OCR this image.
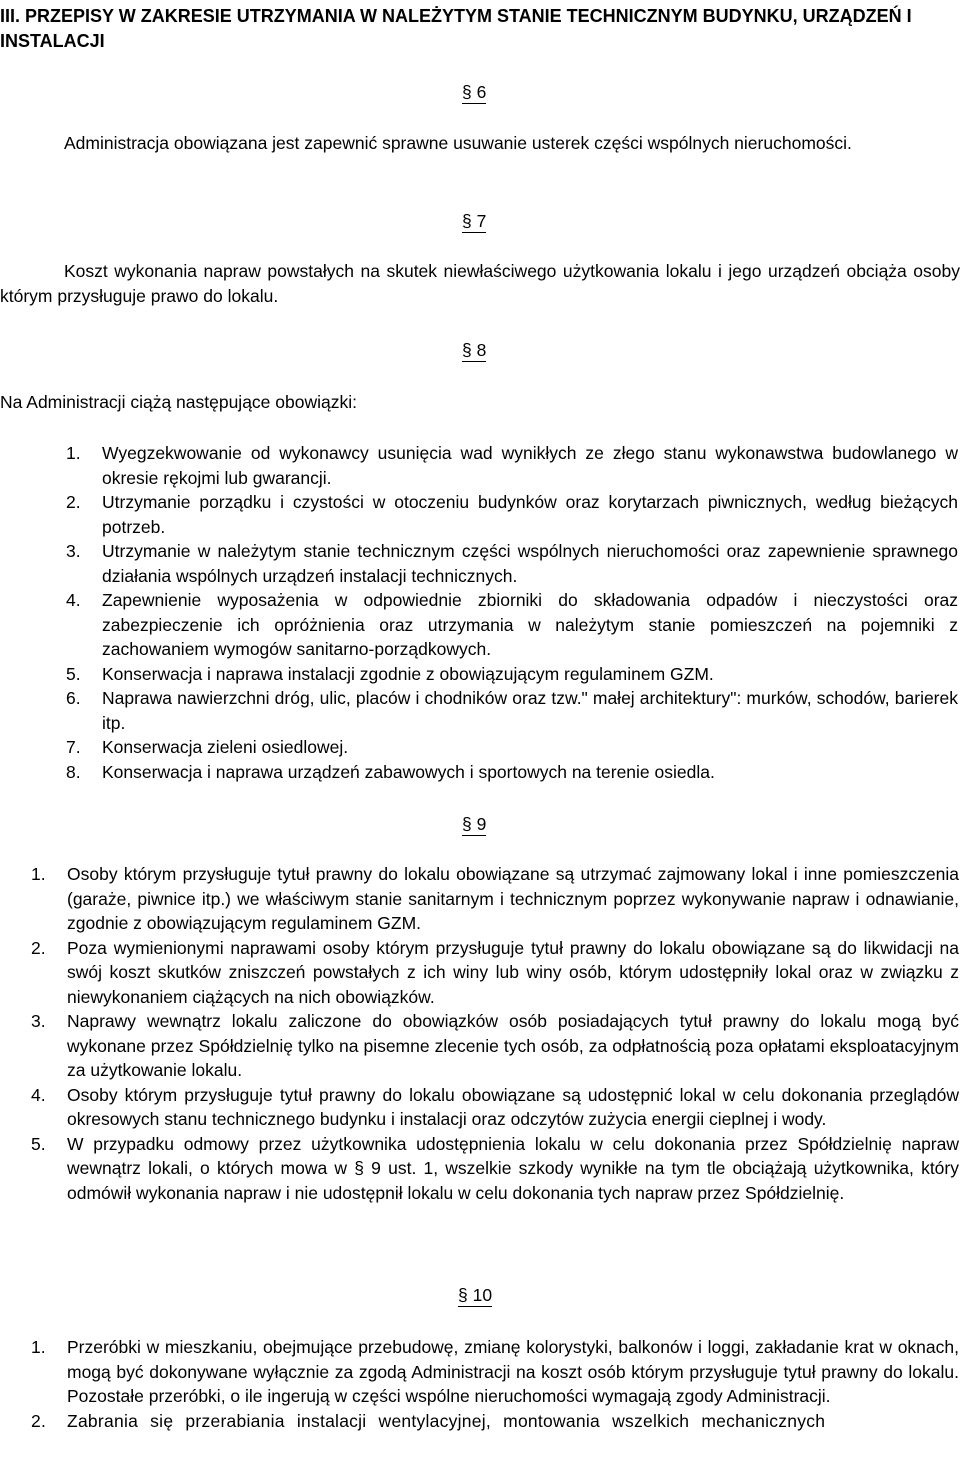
III. PRZEPISY W ZAKRESIE UTRZYMANIA W NALEŻYTYM STANIE TECHNICZNYM BUDYNKU, URZĄDZEŃ I INSTALACJI
§ 6

Administracja obowiązana jest zapewnić sprawne usuwanie usterek części wspólnych nieruchomości.

§ 7

Koszt wykonania napraw powstałych na skutek niewłaściwego użytkowania lokalu i jego urządzeń obciąża osoby którym przysługuje prawo do lokalu.

§ 8

Na Administracji ciążą następujące obowiązki:

1. Wyegzekwowanie od wykonawcy usunięcia wad wynikłych ze złego stanu wykonawstwa budowlanego w okresie rękojmi lub gwarancji.
2. Utrzymanie porządku i czystości w otoczeniu budynków oraz korytarzach piwnicznych, według bieżących potrzeb.
3. Utrzymanie w należytym stanie technicznym części wspólnych nieruchomości oraz zapewnienie sprawnego działania wspólnych urządzeń instalacji technicznych.
4. Zapewnienie wyposażenia w odpowiednie zbiorniki do składowania odpadów i nieczystości oraz zabezpieczenie ich opróżnienia oraz utrzymania w należytym stanie pomieszczeń na pojemniki z zachowaniem wymogów sanitarno-porządkowych.
5. Konserwacja i naprawa instalacji zgodnie z obowiązującym regulaminem GZM.
6. Naprawa nawierzchni dróg, ulic, placów i chodników oraz tzw." małej architektury": murków, schodów, barierek itp.
7. Konserwacja zieleni osiedlowej.
8. Konserwacja i naprawa urządzeń zabawowych i sportowych na terenie osiedla.
§ 9
1. Osoby którym przysługuje tytuł prawny do lokalu obowiązane są utrzymać zajmowany lokal i inne pomieszczenia (garaże, piwnice itp.) we właściwym stanie sanitarnym i technicznym poprzez wykonywanie napraw i odnawianie, zgodnie z obowiązującym regulaminem GZM.
2. Poza wymienionymi naprawami osoby którym przysługuje tytuł prawny do lokalu obowiązane są do likwidacji na swój koszt skutków zniszczeń powstałych z ich winy lub winy osób, którym udostępniły lokal oraz w związku z niewykonaniem ciążących na nich obowiązków.
3. Naprawy wewnątrz lokalu zaliczone do obowiązków osób posiadających tytuł prawny do lokalu mogą być wykonane przez Spółdzielnię tylko na pisemne zlecenie tych osób, za odpłatnością poza opłatami eksploatacyjnym za użytkowanie lokalu.
4. Osoby którym przysługuje tytuł prawny do lokalu obowiązane są udostępnić lokal w celu dokonania przeglądów okresowych stanu technicznego budynku i instalacji oraz odczytów zużycia energii cieplnej i wody.
5. W przypadku odmowy przez użytkownika udostępnienia lokalu w celu dokonania przez Spółdzielnię napraw wewnątrz lokali, o których mowa w § 9 ust. 1, wszelkie szkody wynikłe na tym tle obciążają użytkownika, który odmówił wykonania napraw i nie udostępnił lokalu w celu dokonania tych napraw przez Spółdzielnię.
§ 10
1. Przeróbki w mieszkaniu, obejmujące przebudowę, zmianę kolorystyki, balkonów i loggi, zakładanie krat w oknach, mogą być dokonywane wyłącznie za zgodą Administracji na koszt osób którym przysługuje tytuł prawny do lokalu. Pozostałe przeróbki, o ile ingerują w części wspólne nieruchomości wymagają zgody Administracji.
2. Zabrania się przerabiania instalacji wentylacyjnej, montowania wszelkich mechanicznych
